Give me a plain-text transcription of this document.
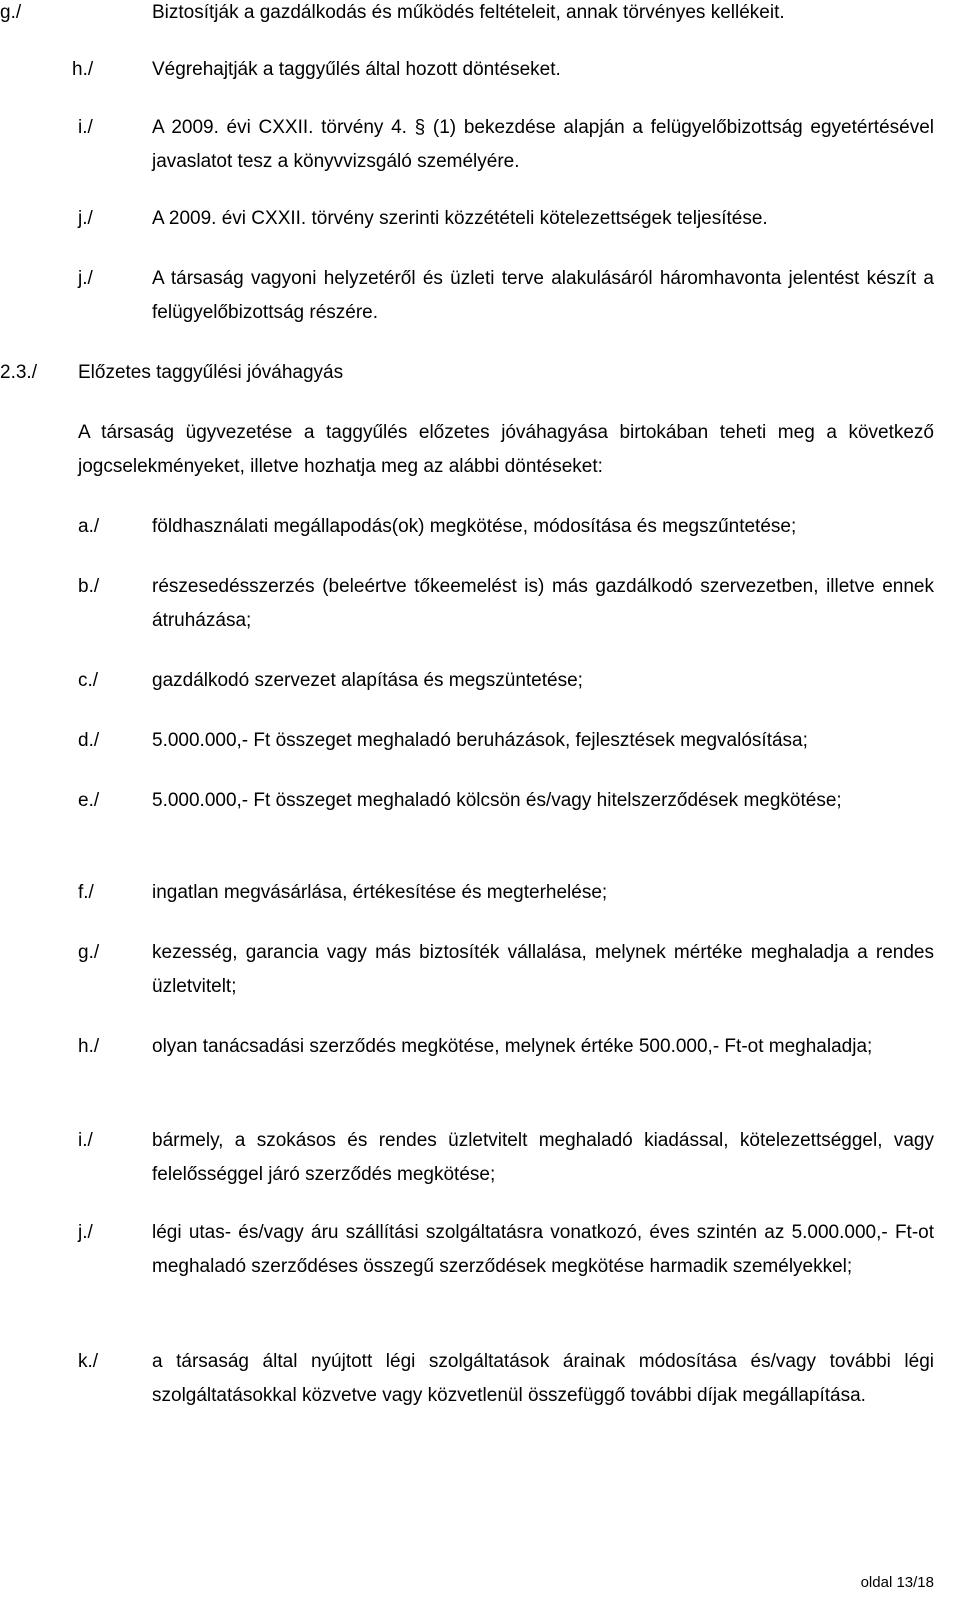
g./	Biztosítják a gazdálkodás és működés feltételeit, annak törvényes kellékeit.
h./	Végrehajtják a taggyűlés által hozott döntéseket.
i./	A 2009. évi CXXII. törvény 4. § (1) bekezdése alapján a felügyelőbizottság egyetértésével javaslatot tesz a könyvvizsgáló személyére.
j./	A 2009. évi CXXII. törvény szerinti közzétételi kötelezettségek teljesítése.
j./	A társaság vagyoni helyzetéről és üzleti terve alakulásáról háromhavonta jelentést készít a felügyelőbizottság részére.
2.3./ Előzetes taggyűlési jóváhagyás
A társaság ügyvezetése a taggyűlés előzetes jóváhagyása birtokában teheti meg a következő jogcselekményeket, illetve hozhatja meg az alábbi döntéseket:
a./	földhasználati megállapodás(ok) megkötése, módosítása és megszűntetése;
b./	részesedésszerzés (beleértve tőkeemelést is) más gazdálkodó szervezetben, illetve ennek átruházása;
c./	gazdálkodó szervezet alapítása és megszüntetése;
d./	5.000.000,- Ft összeget meghaladó beruházások, fejlesztések megvalósítása;
e./	5.000.000,- Ft összeget meghaladó kölcsön és/vagy hitelszerződések megkötése;
f./	ingatlan megvásárlása, értékesítése és megterhelése;
g./	kezesség, garancia vagy más biztosíték vállalása, melynek mértéke meghaladja a rendes üzletvitelt;
h./	olyan tanácsadási szerződés megkötése, melynek értéke 500.000,- Ft-ot meghaladja;
i./	bármely, a szokásos és rendes üzletvitelt meghaladó kiadással, kötelezettséggel, vagy felelősséggel járó szerződés megkötése;
j./	légi utas- és/vagy áru szállítási szolgáltatásra vonatkozó, éves szintén az 5.000.000,- Ft-ot meghaladó szerződéses összegű szerződések megkötése harmadik személyekkel;
k./	a társaság által nyújtott légi szolgáltatások árainak módosítása és/vagy további légi szolgáltatásokkal közvetve vagy közvetlenül összefüggő további díjak megállapítása.
oldal 13/18
